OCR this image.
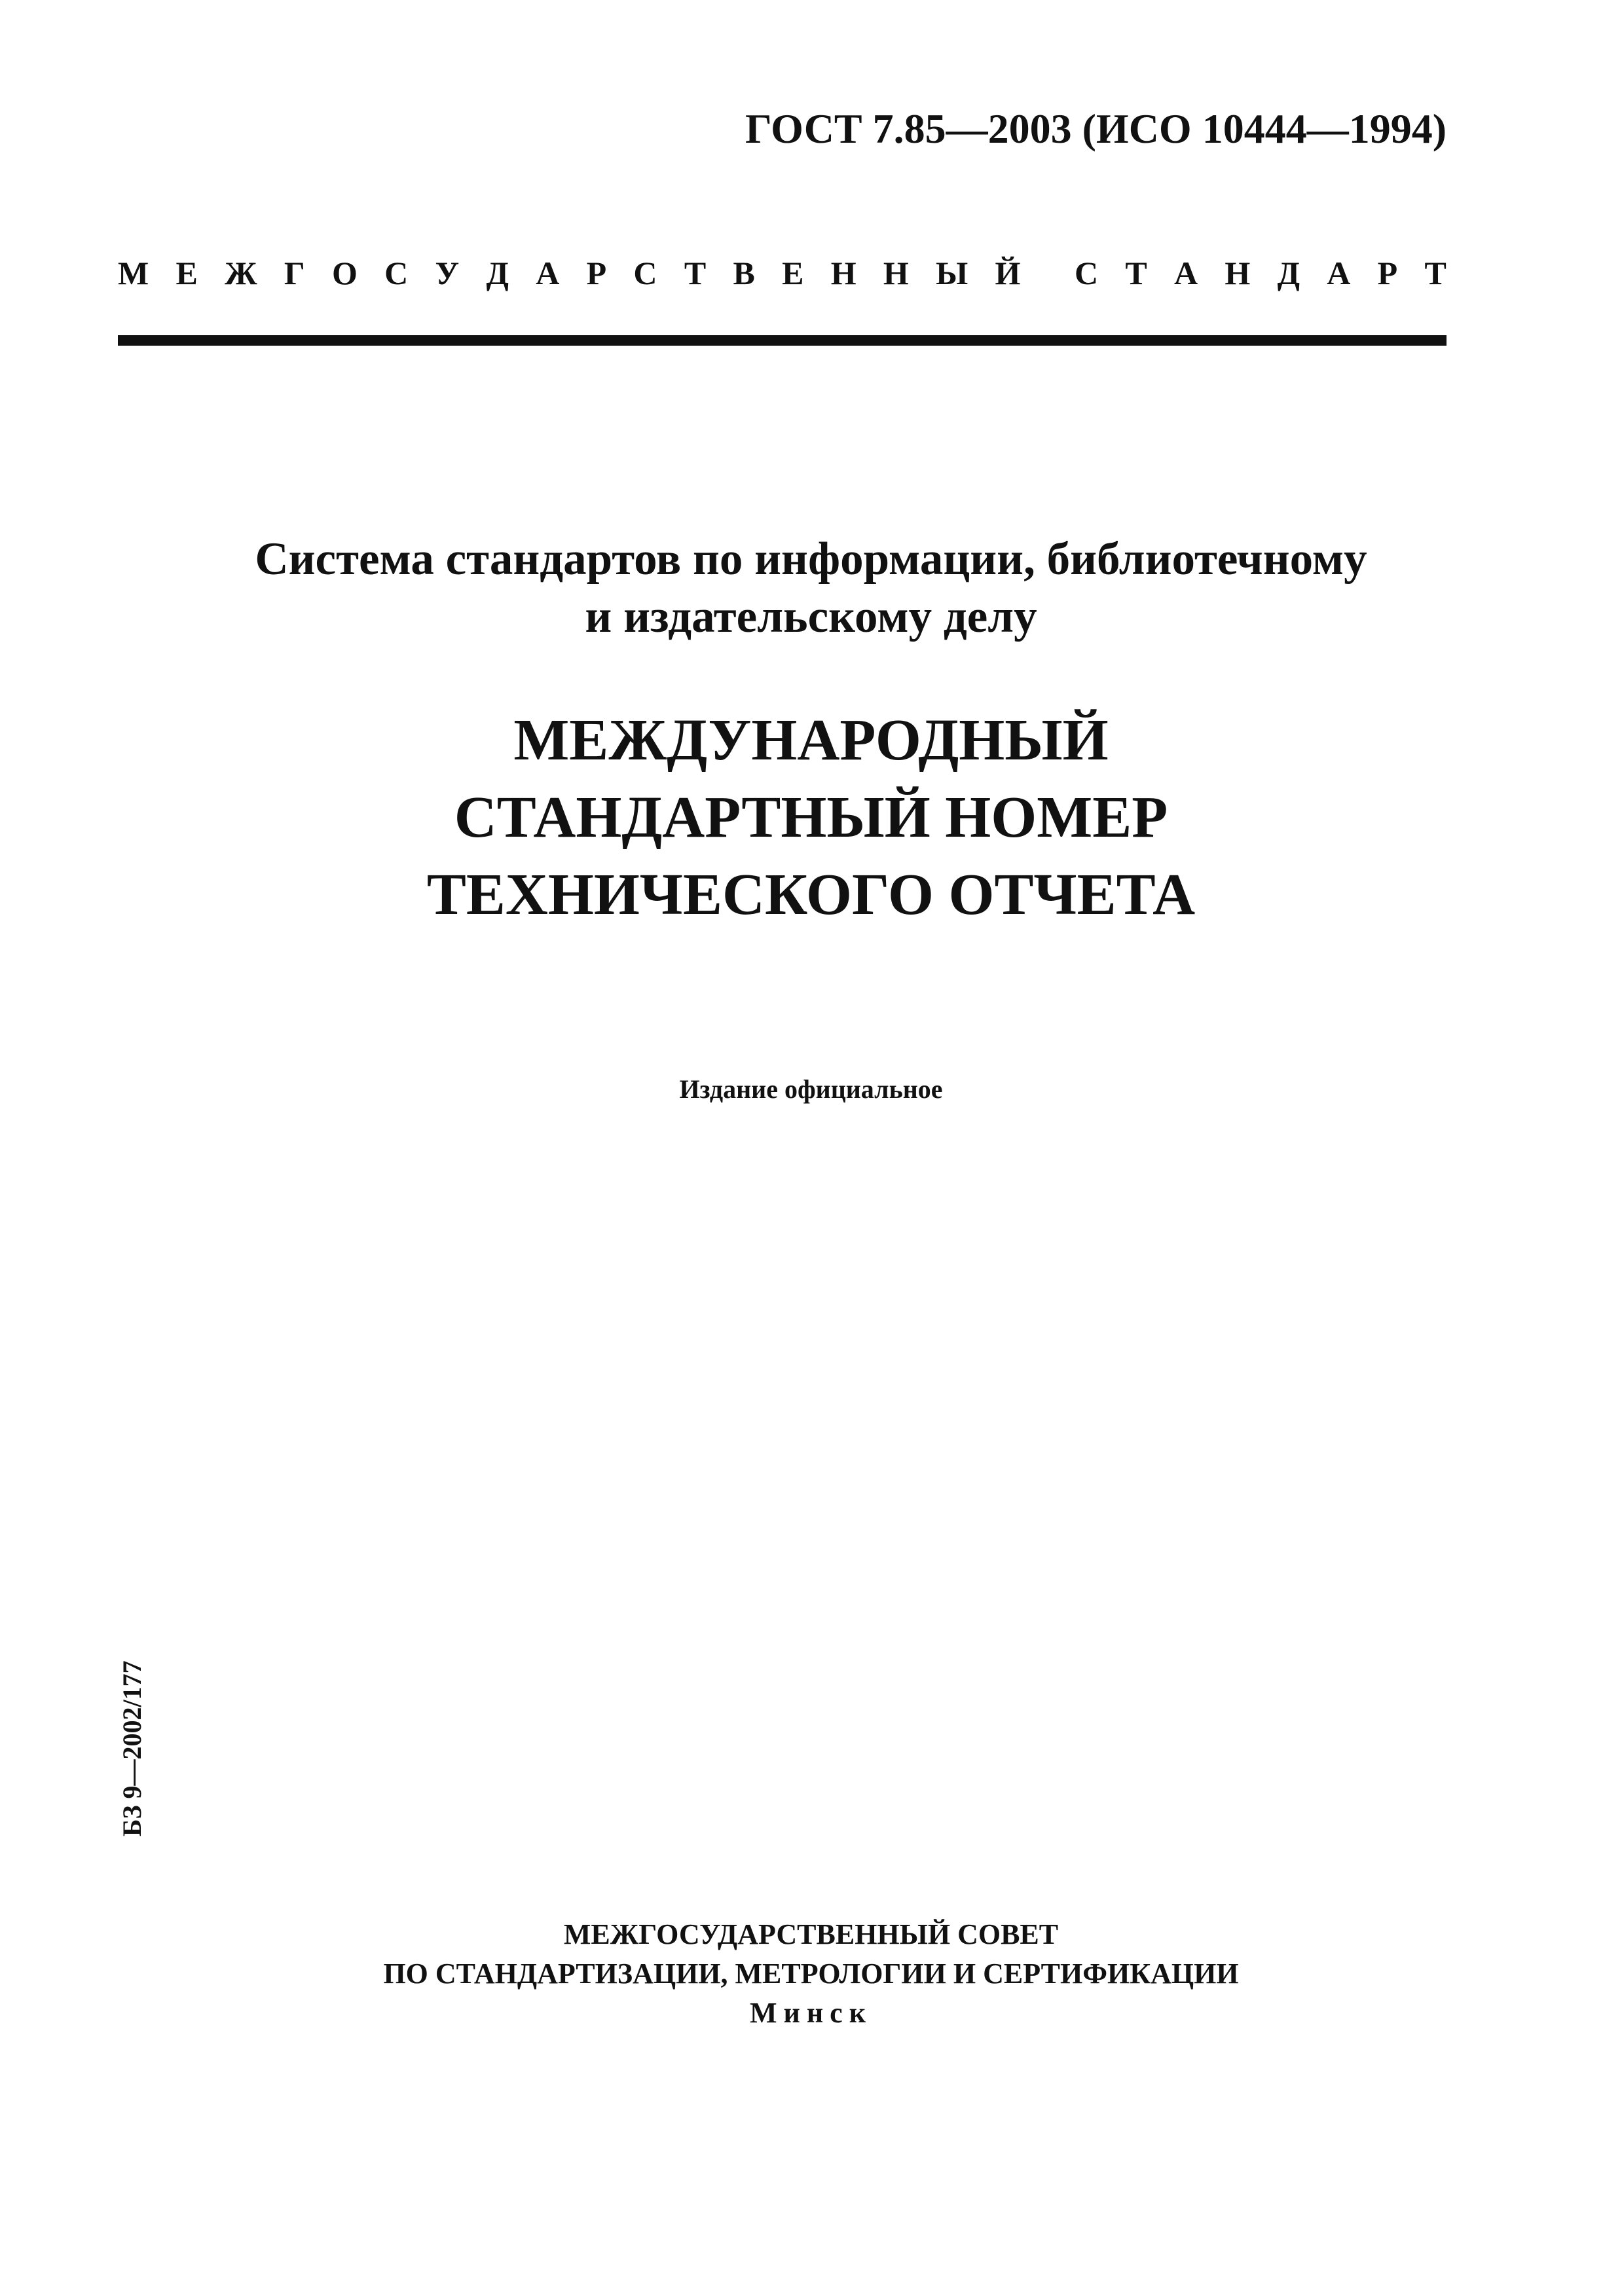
ГОСТ 7.85—2003 (ИСО 10444—1994)
М Е Ж Г О С У Д А Р С Т В Е Н Н Ы Й С Т А Н Д А Р Т
Система стандартов по информации, библиотечному
и издательскому делу
МЕЖДУНАРОДНЫЙ
СТАНДАРТНЫЙ НОМЕР
ТЕХНИЧЕСКОГО ОТЧЕТА
Издание официальное
БЗ 9—2002/177
МЕЖГОСУДАРСТВЕННЫЙ СОВЕТ
ПО СТАНДАРТИЗАЦИИ, МЕТРОЛОГИИ И СЕРТИФИКАЦИИ
Минск
